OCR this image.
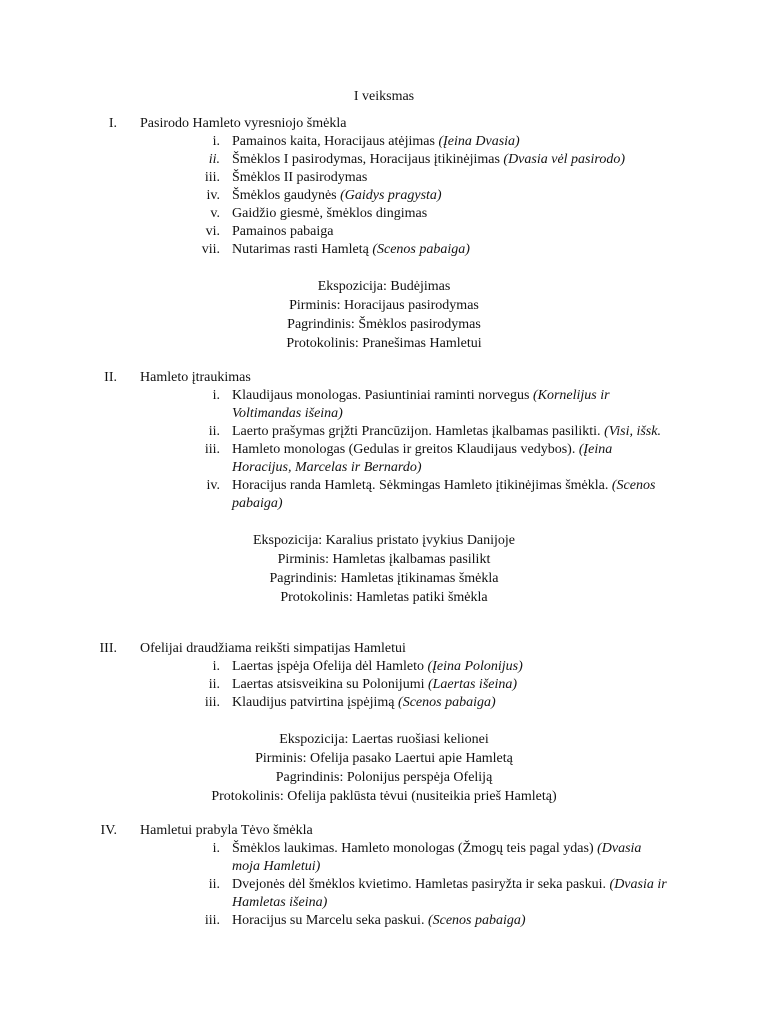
I veiksmas
I. Pasirodo Hamleto vyresniojo šmėkla
i. Pamainos kaita, Horacijaus atėjimas (Įeina Dvasia)
ii. Šmėklos I pasirodymas, Horacijaus įtikinėjimas (Dvasia vėl pasirodo)
iii. Šmėklos II pasirodymas
iv. Šmėklos gaudynės (Gaidys pragysta)
v. Gaidžio giesmė, šmėklos dingimas
vi. Pamainos pabaiga
vii. Nutarimas rasti Hamletą (Scenos pabaiga)
Ekspozicija: Budėjimas
Pirminis: Horacijaus pasirodymas
Pagrindinis: Šmėklos pasirodymas
Protokolinis: Pranešimas Hamletui
II. Hamleto įtraukimas
i. Klaudijaus monologas. Pasiuntiniai raminti norvegus (Kornelijus ir Voltimandas išeina)
ii. Laerto prašymas grįžti Prancūzijon. Hamletas įkalbamas pasilikti. (Visi, išsk.
iii. Hamleto monologas (Gedulas ir greitos Klaudijaus vedybos). (Įeina Horacijus, Marcelas ir Bernardo)
iv. Horacijus randa Hamletą. Sėkmingas Hamleto įtikinėjimas šmėkla. (Scenos pabaiga)
Ekspozicija: Karalius pristato įvykius Danijoje
Pirminis: Hamletas įkalbamas pasilikt
Pagrindinis: Hamletas įtikinamas šmėkla
Protokolinis: Hamletas patiki šmėkla
III. Ofelijai draudžiama reikšti simpatijas Hamletui
i. Laertas įspėja Ofelija dėl Hamleto (Įeina Polonijus)
ii. Laertas atsisveikina su Polonijumi (Laertas išeina)
iii. Klaudijus patvirtina įspėjimą (Scenos pabaiga)
Ekspozicija: Laertas ruošiasi kelionei
Pirminis: Ofelija pasako Laertui apie Hamletą
Pagrindinis: Polonijus perspėja Ofeliją
Protokolinis: Ofelija paklūsta tėvui (nusiteikia prieš Hamletą)
IV. Hamletui prabyla Tėvo šmėkla
i. Šmėklos laukimas. Hamleto monologas (Žmogų teis pagal ydas) (Dvasia moja Hamletui)
ii. Dvejonės dėl šmėklos kvietimo. Hamletas pasiryžta ir seka paskui. (Dvasia ir Hamletas išeina)
iii. Horacijus su Marcelu seka paskui. (Scenos pabaiga)
